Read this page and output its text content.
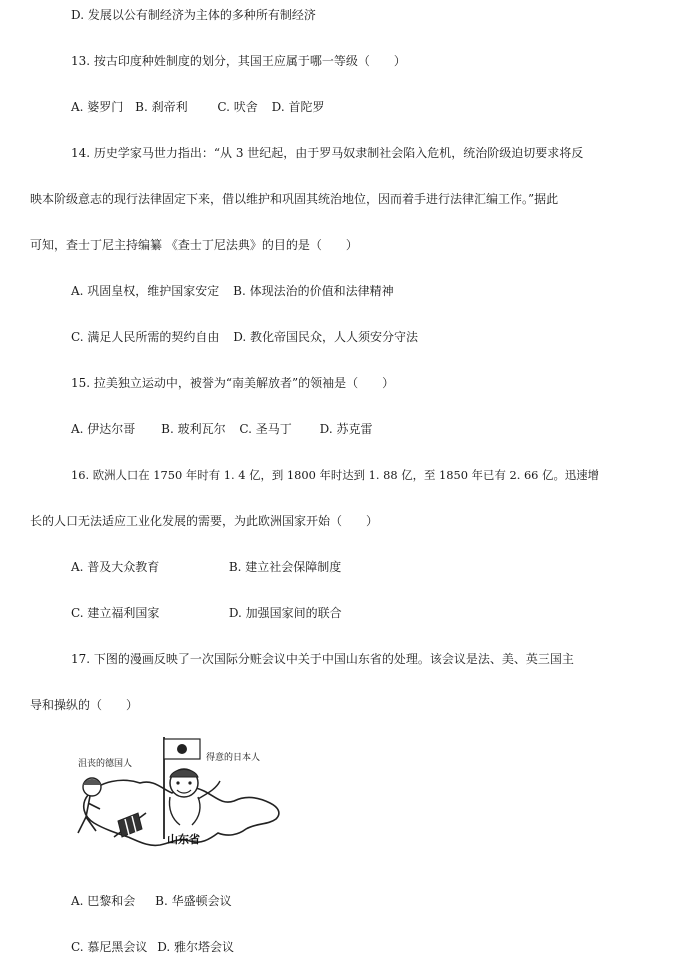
D. 发展以公有制经济为主体的多种所有制经济
13. 按古印度种姓制度的划分，其国王应属于哪一等级（　　）
A. 婆罗门 B. 刹帝利 C. 吠舍 D. 首陀罗
14. 历史学家马世力指出：“从 3 世纪起，由于罗马奴隶制社会陷入危机，统治阶级迫切要求将反
映本阶级意志的现行法律固定下来，借以维护和巩固其统治地位，因而着手进行法律汇编工作。”据此
可知，查士丁尼主持编纂 《查士丁尼法典》的目的是（　　）
A. 巩固皇权，维护国家安定 B. 体现法治的价值和法律精神
C. 满足人民所需的契约自由 D. 教化帝国民众，人人须安分守法
15. 拉美独立运动中，被誉为“南美解放者”的领袖是（　　）
A. 伊达尔哥 B. 玻利瓦尔 C. 圣马丁 D. 苏克雷
16. 欧洲人口在 1750 年时有 1. 4 亿，到 1800 年时达到 1. 88 亿，至 1850 年已有 2. 66 亿。迅速增
长的人口无法适应工业化发展的需要，为此欧洲国家开始（　　）
A. 普及大众教育	B. 建立社会保障制度
C. 建立福利国家	D. 加强国家间的联合
17. 下图的漫画反映了一次国际分赃会议中关于中国山东省的处理。该会议是法、美、英三国主
导和操纵的（　　）
沮丧的德国人
得意的日本人
山东省
A. 巴黎和会 B. 华盛顿会议
C. 慕尼黑会议 D. 雅尔塔会议
